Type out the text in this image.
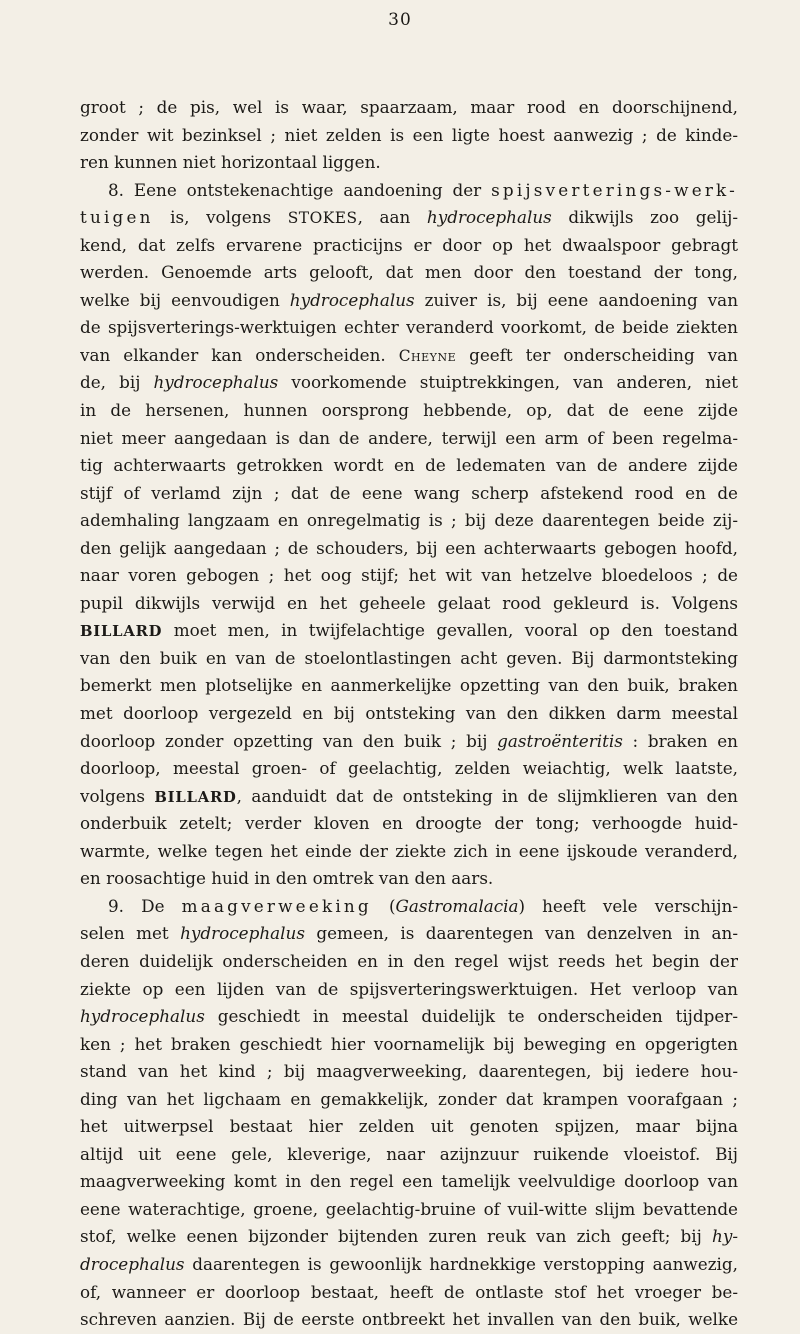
30
groot ; de pis, wel is waar, spaarzaam, maar rood en doorschijnend,
zonder wit bezinksel ; niet zelden is een ligte hoest aanwezig ; de kinde-
ren kunnen niet horizontaal liggen.
8. Eene ontstekenachtige aandoening der spijsverterings-werk-
tuigen is, volgens STOKES, aan hydrocephalus dikwijls zoo gelij-
kend, dat zelfs ervarene practicijns er door op het dwaalspoor gebragt
werden. Genoemde arts gelooft, dat men door den toestand der tong,
welke bij eenvoudigen hydrocephalus zuiver is, bij eene aandoening van
de spijsverterings-werktuigen echter veranderd voorkomt, de beide ziekten
van elkander kan onderscheiden. Cheyne geeft ter onderscheiding van
de, bij hydrocephalus voorkomende stuiptrekkingen, van anderen, niet
in de hersenen, hunnen oorsprong hebbende, op, dat de eene zijde
niet meer aangedaan is dan de andere, terwijl een arm of been regelma-
tig achterwaarts getrokken wordt en de ledematen van de andere zijde
stijf of verlamd zijn ; dat de eene wang scherp afstekend rood en de
ademhaling langzaam en onregelmatig is ; bij deze daarentegen beide zij-
den gelijk aangedaan ; de schouders, bij een achterwaarts gebogen hoofd,
naar voren gebogen ; het oog stijf; het wit van hetzelve bloedeloos ; de
pupil dikwijls verwijd en het geheele gelaat rood gekleurd is. Volgens
BILLARD moet men, in twijfelachtige gevallen, vooral op den toestand
van den buik en van de stoelontlastingen acht geven. Bij darmontsteking
bemerkt men plotselijke en aanmerkelijke opzetting van den buik, braken
met doorloop vergezeld en bij ontsteking van den dikken darm meestal
doorloop zonder opzetting van den buik ; bij gastroënteritis : braken en
doorloop, meestal groen- of geelachtig, zelden weiachtig, welk laatste,
volgens BILLARD, aanduidt dat de ontsteking in de slijmklieren van den
onderbuik zetelt; verder kloven en droogte der tong; verhoogde huid-
warmte, welke tegen het einde der ziekte zich in eene ijskoude veranderd,
en roosachtige huid in den omtrek van den aars.
9. De maagverweeking (Gastromalacia) heeft vele verschijn-
selen met hydrocephalus gemeen, is daarentegen van denzelven in an-
deren duidelijk onderscheiden en in den regel wijst reeds het begin der
ziekte op een lijden van de spijsverteringswerktuigen. Het verloop van
hydrocephalus geschiedt in meestal duidelijk te onderscheiden tijdper-
ken ; het braken geschiedt hier voornamelijk bij beweging en opgerigten
stand van het kind ; bij maagverweeking, daarentegen, bij iedere hou-
ding van het ligchaam en gemakkelijk, zonder dat krampen voorafgaan ;
het uitwerpsel bestaat hier zelden uit genoten spijzen, maar bijna
altijd uit eene gele, kleverige, naar azijnzuur ruikende vloeistof. Bij
maagverweeking komt in den regel een tamelijk veelvuldige doorloop van
eene waterachtige, groene, geelachtig-bruine of vuil-witte slijm bevattende
stof, welke eenen bijzonder bijtenden zuren reuk van zich geeft; bij hy-
drocephalus daarentegen is gewoonlijk hardnekkige verstopping aanwezig,
of, wanneer er doorloop bestaat, heeft de ontlaste stof het vroeger be-
schreven aanzien. Bij de eerste ontbreekt het invallen van den buik, welke
